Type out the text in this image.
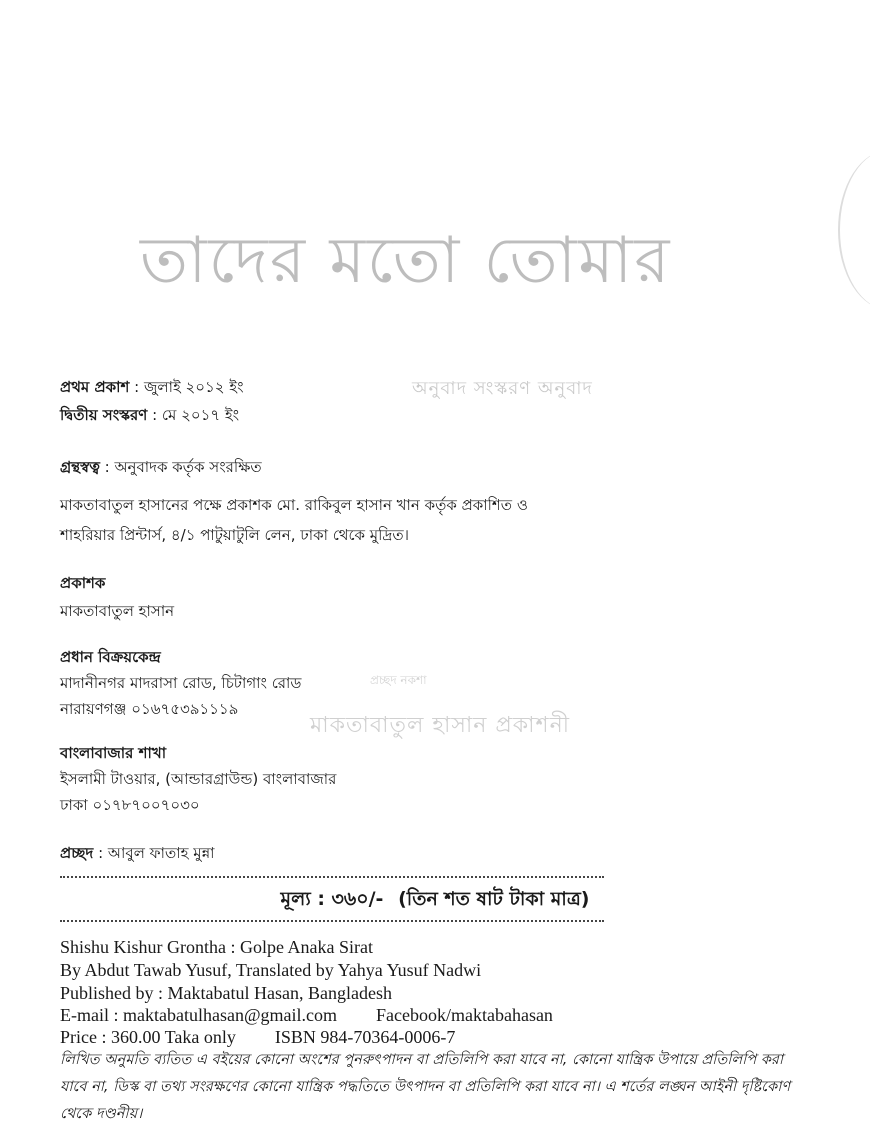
তাদের মতো তোমার
অনুবাদ সংস্করণ অনুবাদ
প্রচ্ছদ নকশা
মাকতাবাতুল হাসান প্রকাশনী
প্রথম প্রকাশ : জুলাই ২০১২ ইং
দ্বিতীয় সংস্করণ : মে ২০১৭ ইং
গ্রন্থস্বত্ব : অনুবাদক কর্তৃক সংরক্ষিত
মাকতাবাতুল হাসানের পক্ষে প্রকাশক মো. রাকিবুল হাসান খান কর্তৃক প্রকাশিত ও
শাহরিয়ার প্রিন্টার্স, ৪/১ পাটুয়াটুলি লেন, ঢাকা থেকে মুদ্রিত।
প্রকাশক
মাকতাবাতুল হাসান
প্রধান বিক্রয়কেন্দ্র
মাদানীনগর মাদরাসা রোড, চিটাগাং রোড
নারায়ণগঞ্জ ০১৬৭৫৩৯১১১৯
বাংলাবাজার শাখা
ইসলামী টাওয়ার, (আন্ডারগ্রাউন্ড) বাংলাবাজার
ঢাকা ০১৭৮৭০০৭০৩০
প্রচ্ছদ : আবুল ফাতাহ মুন্না
মূল্য : ৩৬০/- (তিন শত ষাট টাকা মাত্র)
Shishu Kishur Grontha : Golpe Anaka Sirat
By Abdut Tawab Yusuf, Translated by Yahya Yusuf Nadwi
Published by : Maktabatul Hasan, Bangladesh
E-mail : maktabatulhasan@gmail.com Facebook/maktabahasan
Price : 360.00 Taka only ISBN 984-70364-0006-7
লিখিত অনুমতি ব্যতিত এ বইয়ের কোনো অংশের পুনরুৎপাদন বা প্রতিলিপি করা যাবে না, কোনো যান্ত্রিক উপায়ে প্রতিলিপি করা যাবে না, ডিস্ক বা তথ্য সংরক্ষণের কোনো যান্ত্রিক পদ্ধতিতে উৎপাদন বা প্রতিলিপি করা যাবে না। এ শর্তের লঙ্ঘন আইনী দৃষ্টিকোণ থেকে দণ্ডনীয়।
